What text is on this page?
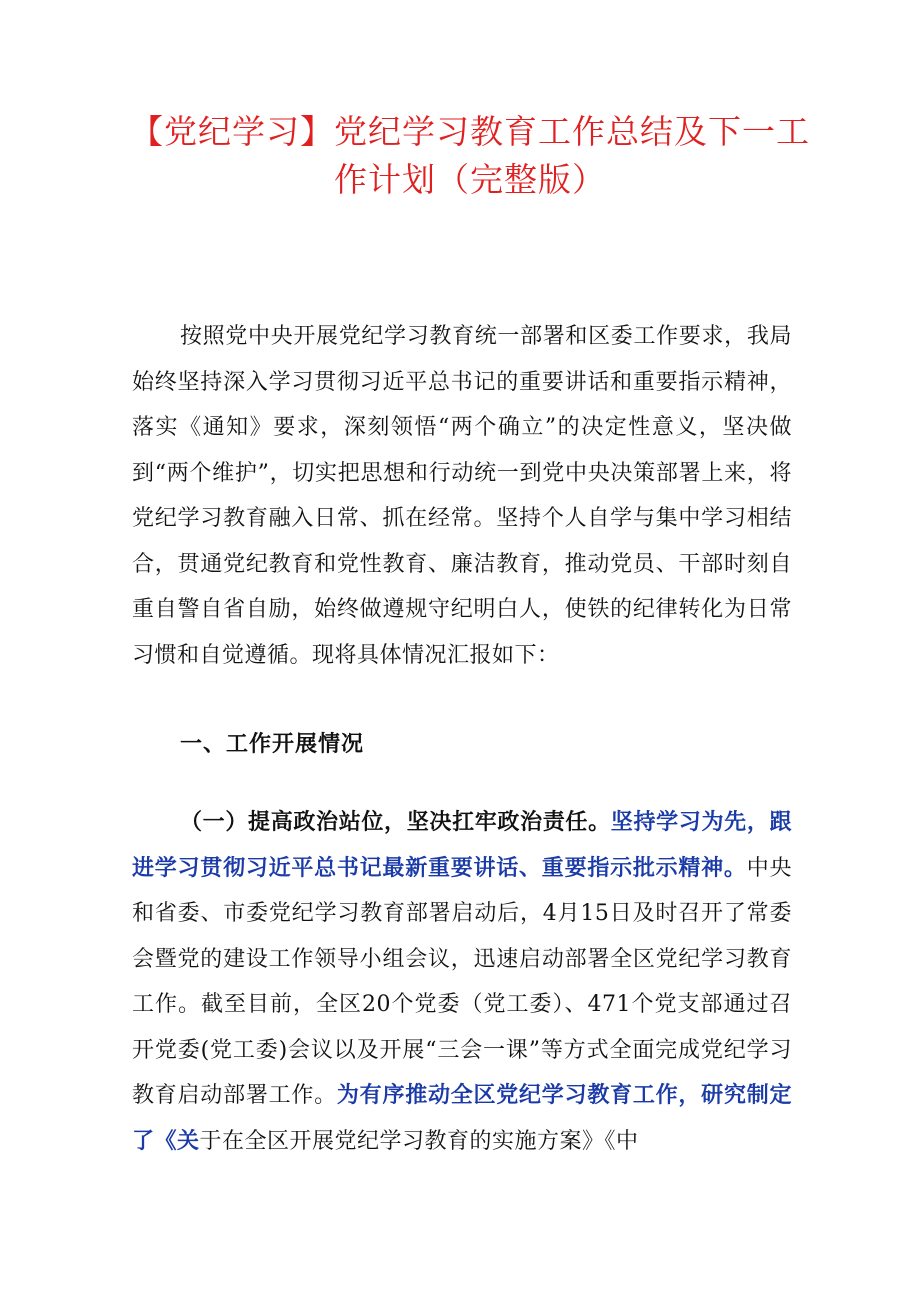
【党纪学习】党纪学习教育工作总结及下一工作计划（完整版）
按照党中央开展党纪学习教育统一部署和区委工作要求，我局始终坚持深入学习贯彻习近平总书记的重要讲话和重要指示精神，落实《通知》要求，深刻领悟“两个确立”的决定性意义，坚决做到“两个维护”，切实把思想和行动统一到党中央决策部署上来，将党纪学习教育融入日常、抓在经常。坚持个人自学与集中学习相结合，贯通党纪教育和党性教育、廉洁教育，推动党员、干部时刻自重自警自省自励，始终做遵规守纪明白人，使铁的纪律转化为日常习惯和自觉遵循。现将具体情况汇报如下：
一、工作开展情况
（一）提高政治站位，坚决扛牢政治责任。坚持学习为先，跟进学习贯彻习近平总书记最新重要讲话、重要指示批示精神。中央和省委、市委党纪学习教育部署启动后，4月15日及时召开了常委会暨党的建设工作领导小组会议，迅速启动部署全区党纪学习教育工作。截至目前，全区20个党委（党工委）、471个党支部通过召开党委(党工委)会议以及开展“三会一课”等方式全面完成党纪学习教育启动部署工作。为有序推动全区党纪学习教育工作，研究制定了《关于在全区开展党纪学习教育的实施方案》《中
